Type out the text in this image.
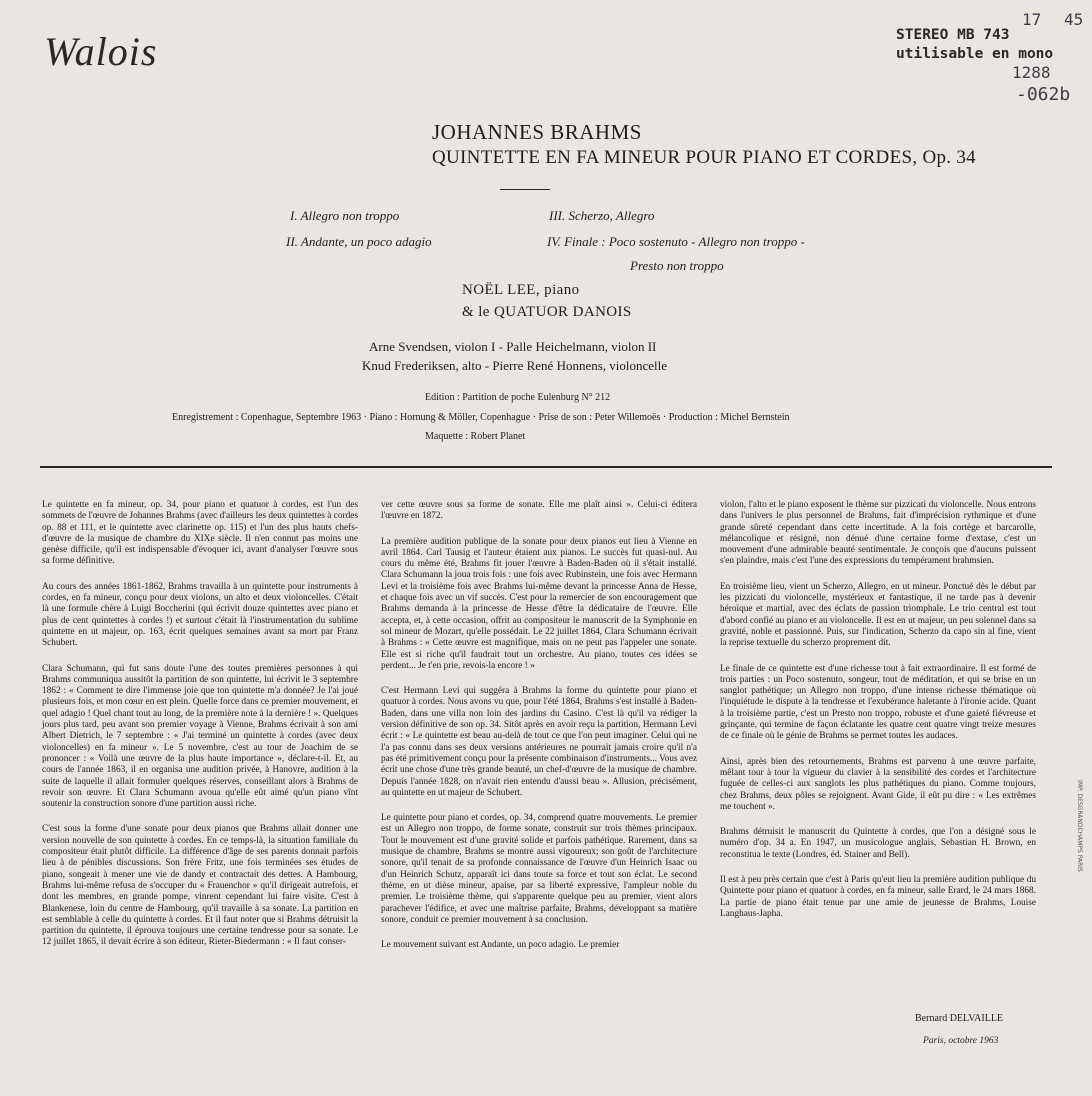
Walois	STEREO MB 743
utilisable en mono
17 45
1288
-062b
JOHANNES BRAHMS
QUINTETTE EN FA MINEUR POUR PIANO ET CORDES, Op. 34
I. Allegro non troppo
II. Andante, un poco adagio
III. Scherzo, Allegro
IV. Finale : Poco sostenuto - Allegro non troppo -
Presto non troppo
NOËL LEE, piano
& le QUATUOR DANOIS
Arne Svendsen, violon I - Palle Heichelmann, violon II
Knud Frederiksen, alto - Pierre René Honnens, violoncelle
Edition : Partition de poche Eulenburg N° 212
Enregistrement : Copenhague, Septembre 1963 · Piano : Hornung & Möller, Copenhague · Prise de son : Peter Willemoës · Production : Michel Bernstein
Maquette : Robert Planet

Le quintette en fa mineur, op. 34, pour piano et quatuor à cordes, est l'un des sommets de l'œuvre de Johannes Brahms (avec d'ailleurs les deux quintettes à cordes op. 88 et 111, et le quintette avec clarinette op. 115) et l'un des plus hauts chefs-d'œuvre de la musique de chambre du XIXe siècle. Il n'en connut pas moins une genèse difficile, qu'il est indispensable d'évoquer ici, avant d'analyser l'œuvre sous sa forme définitive.

Au cours des années 1861-1862, Brahms travailla à un quintette pour instruments à cordes, en fa mineur, conçu pour deux violons, un alto et deux violoncelles. C'était là une formule chère à Luigi Boccherini (qui écrivit douze quintettes avec piano et plus de cent quintettes à cordes !) et surtout c'était là l'instrumentation du sublime quintette en ut majeur, op. 163, écrit quelques semaines avant sa mort par Franz Schubert.

Clara Schumann, qui fut sans doute l'une des toutes premières personnes à qui Brahms communiqua aussitôt la partition de son quintette, lui écrivit le 3 septembre 1862 : « Comment te dire l'immense joie que ton quintette m'a donnée? Je l'ai joué plusieurs fois, et mon cœur en est plein. Quelle force dans ce premier mouvement, et quel adagio ! Quel chant tout au long, de la première note à la dernière ! ». Quelques jours plus tard, peu avant son premier voyage à Vienne, Brahms écrivait à son ami Albert Dietrich, le 7 septembre : « J'ai terminé un quintette à cordes (avec deux violoncelles) en fa mineur ». Le 5 novembre, c'est au tour de Joachim de se prononcer : « Voilà une œuvre de la plus haute importance », déclare-t-il. Et, au cours de l'année 1863, il en organisa une audition privée, à Hanovre, audition à la suite de laquelle il allait formuler quelques réserves, conseillant alors à Brahms de revoir son œuvre. Et Clara Schumann avoua qu'elle eût aimé qu'un piano vînt soutenir la construction sonore d'une partition aussi riche.

C'est sous la forme d'une sonate pour deux pianos que Brahms allait donner une version nouvelle de son quintette à cordes. En ce temps-là, la situation familiale du compositeur était plutôt difficile. La différence d'âge de ses parents donnait parfois lieu à de pénibles discussions. Son frère Fritz, une fois terminées ses études de piano, songeait à mener une vie de dandy et contractait des dettes. A Hambourg, Brahms lui-même refusa de s'occuper du « Frauenchor » qu'il dirigeait autrefois, et dont les membres, en grande pompe, vinrent cependant lui faire visite. C'est à Blankenese, loin du centre de Hambourg, qu'il travaille à sa sonate. La partition en est semblable à celle du quintette à cordes. Et il faut noter que si Brahms détruisit la partition du quintette, il éprouva toujours une certaine tendresse pour sa sonate. Le 12 juillet 1865, il devait écrire à son éditeur, Rieter-Biedermann : « Il faut conser-

ver cette œuvre sous sa forme de sonate. Elle me plaît ainsi ». Celui-ci éditera l'œuvre en 1872.

La première audition publique de la sonate pour deux pianos eut lieu à Vienne en avril 1864. Carl Tausig et l'auteur étaient aux pianos. Le succès fut quasi-nul. Au cours du même été, Brahms fit jouer l'œuvre à Baden-Baden où il s'était installé. Clara Schumann la joua trois fois : une fois avec Rubinstein, une fois avec Hermann Levi et la troisième fois avec Brahms lui-même devant la princesse Anna de Hesse, et chaque fois avec un vif succès. C'est pour la remercier de son encouragement que Brahms demanda à la princesse de Hesse d'être la dédicataire de l'œuvre. Elle accepta, et, à cette occasion, offrit au compositeur le manuscrit de la Symphonie en sol mineur de Mozart, qu'elle possédait. Le 22 juillet 1864, Clara Schumann écrivait à Brahms : « Cette œuvre est magnifique, mais on ne peut pas l'appeler une sonate. Elle est si riche qu'il faudrait tout un orchestre. Au piano, toutes ces idées se perdent... Je t'en prie, revois-la encore ! »

C'est Hermann Levi qui suggéra à Brahms la forme du quintette pour piano et quatuor à cordes. Nous avons vu que, pour l'été 1864, Brahms s'est installé à Baden-Baden, dans une villa non loin des jardins du Casino. C'est là qu'il va rédiger la version définitive de son op. 34. Sitôt après en avoir reçu la partition, Hermann Levi écrit : « Le quintette est beau au-delà de tout ce que l'on peut imaginer. Celui qui ne l'a pas connu dans ses deux versions antérieures ne pourrait jamais croire qu'il n'a pas été primitivement conçu pour la présente combinaison d'instruments... Vous avez écrit une chose d'une très grande beauté, un chef-d'œuvre de la musique de chambre. Depuis l'année 1828, on n'avait rien entendu d'aussi beau ». Allusion, précisément, au quintette en ut majeur de Schubert.

Le quintette pour piano et cordes, op. 34, comprend quatre mouvements. Le premier est un Allegro non troppo, de forme sonate, construit sur trois thèmes principaux. Tout le mouvement est d'une gravité solide et parfois pathétique. Rarement, dans sa musique de chambre, Brahms se montre aussi vigoureux; son goût de l'architecture sonore, qu'il tenait de sa profonde connaissance de l'œuvre d'un Heinrich Isaac ou d'un Heinrich Schutz, apparaît ici dans toute sa force et tout son éclat. Le second thème, en ut dièse mineur, apaise, par sa liberté expressive, l'ampleur noble du premier. Le troisième thème, qui s'apparente quelque peu au premier, vient alors parachever l'édifice, et avec une maîtrise parfaite, Brahms, développant sa matière sonore, conduit ce premier mouvement à sa conclusion.

Le mouvement suivant est Andante, un poco adagio. Le premier

violon, l'alto et le piano exposent le thème sur pizzicati du violoncelle. Nous entrons dans l'univers le plus personnel de Brahms, fait d'imprécision rythmique et d'une grande sûreté cependant dans cette incertitude. A la fois cortège et barcarolle, mélancolique et résigné, non dénué d'une certaine forme d'extase, c'est un mouvement d'une admirable beauté sentimentale. Je conçois que d'aucuns puissent s'en plaindre, mais c'est l'une des expressions du tempérament brahmsien.

En troisième lieu, vient un Scherzo, Allegro, en ut mineur. Ponctué dès le début par les pizzicati du violoncelle, mystérieux et fantastique, il ne tarde pas à devenir héroïque et martial, avec des éclats de passion triomphale. Le trio central est tout d'abord confié au piano et au violoncelle. Il est en ut majeur, un peu solennel dans sa gravité, noble et passionné. Puis, sur l'indication, Scherzo da capo sin al fine, vient la reprise textuelle du scherzo proprement dit.

Le finale de ce quintette est d'une richesse tout à fait extraordinaire. Il est formé de trois parties : un Poco sostenuto, songeur, tout de méditation, et qui se brise en un sanglot pathétique; un Allegro non troppo, d'une intense richesse thématique où l'inquiétude le dispute à la tendresse et l'exubérance haletante à l'ironie acide. Quant à la troisième partie, c'est un Presto non troppo, robuste et d'une gaieté fiévreuse et grinçante, qui termine de façon éclatante les quatre cent quatre vingt treize mesures de ce finale où le génie de Brahms se permet toutes les audaces.

Ainsi, après bien des retournements, Brahms est parvenu à une œuvre parfaite, mêlant tour à tour la vigueur du clavier à la sensibilité des cordes et l'architecture fuguée de celles-ci aux sanglots les plus pathétiques du piano. Comme toujours, chez Brahms, deux pôles se rejoignent. Avant Gide, il eût pu dire : « Les extrêmes me touchent ».

Brahms détruisit le manuscrit du Quintette à cordes, que l'on a désigné sous le numéro d'op. 34 a. En 1947, un musicologue anglais, Sebastian H. Brown, en reconstitua le texte (Londres, éd. Stainer and Bell).

Il est à peu près certain que c'est à Paris qu'eut lieu la première audition publique du Quintette pour piano et quatuor à cordes, en fa mineur, salle Erard, le 24 mars 1868. La partie de piano était tenue par une amie de jeunesse de Brahms, Louise Langhaus-Japha.

Bernard DELVAILLE
Paris, octobre 1963
IMP. DESGRANDCHAMPS PARIS
